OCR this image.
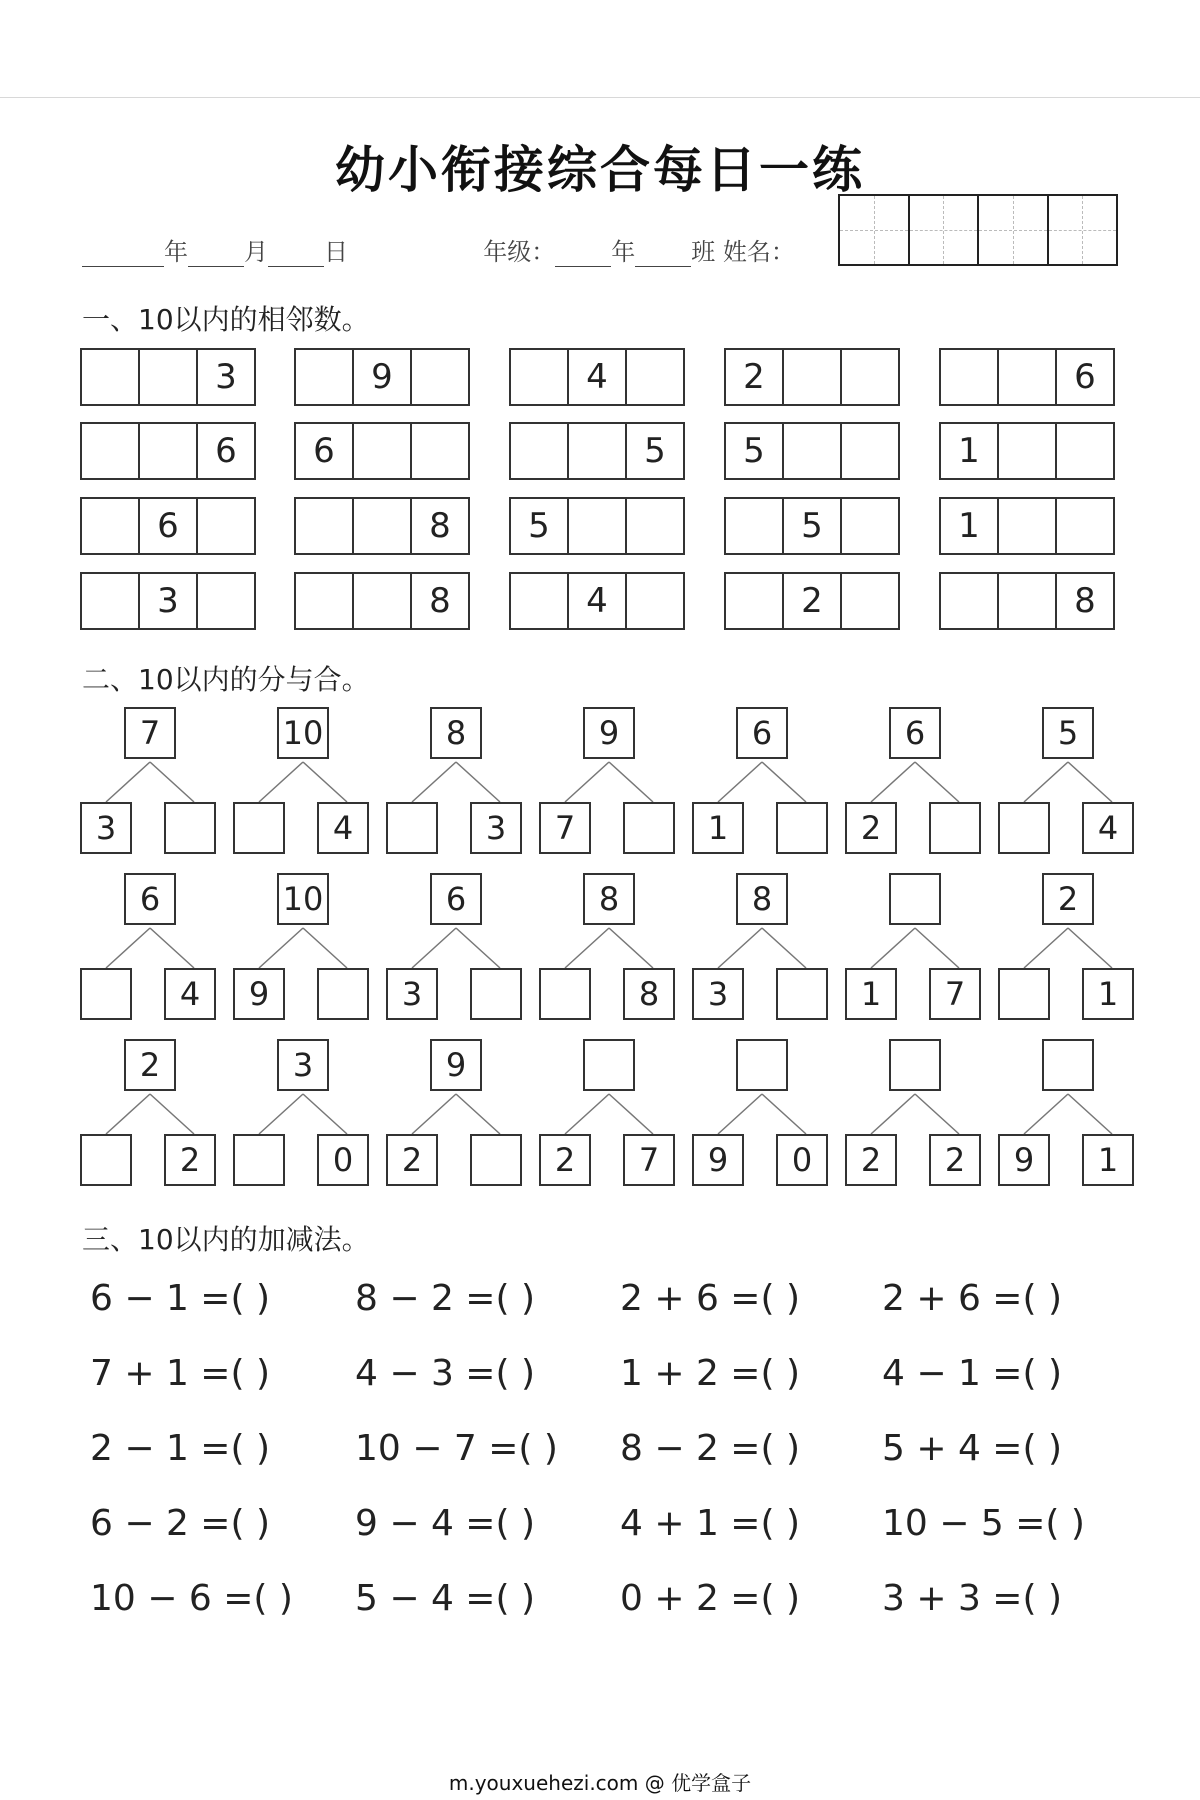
幼小衔接综合每日一练
年 月 日	年级： 年 班 姓名：
一、10以内的相邻数。
3	9	4	2	6
6	6	5	5	1
6	8	5	5	1
3	8	4	2	8
二、10以内的分与合。
7
3
10
4
8
3
9
7
6
1
6
2
5
4
6
4
10
9
6
3
8
8
8
3	1	7
2
1
2
2
3
0
9
2	2	7	9	0	2	2	9	1
三、10以内的加减法。
6 − 1 =( ) 8 − 2 =( ) 2 + 6 =( ) 2 + 6 =( )
7 + 1 =( ) 4 − 3 =( ) 1 + 2 =( ) 4 − 1 =( )
2 − 1 =( ) 10 − 7 =( ) 8 − 2 =( ) 5 + 4 =( )
6 − 2 =( ) 9 − 4 =( ) 4 + 1 =( ) 10 − 5 =( )
10 − 6 =( ) 5 − 4 =( ) 0 + 2 =( ) 3 + 3 =( )
m.youxuehezi.com @ 优学盒子
